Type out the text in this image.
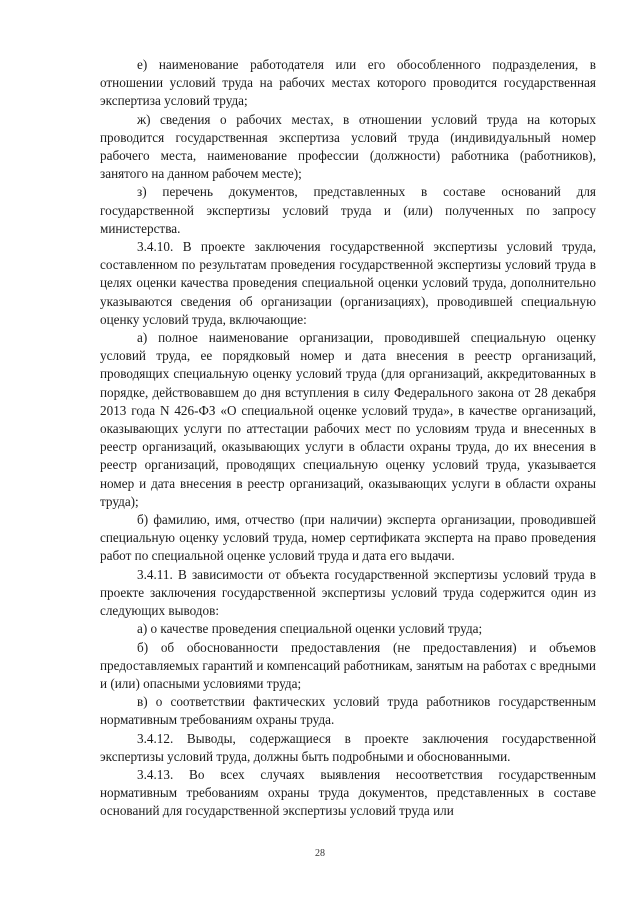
е) наименование работодателя или его обособленного подразделения, в отношении условий труда на рабочих местах которого проводится государственная экспертиза условий труда;

ж) сведения о рабочих местах, в отношении условий труда на которых проводится государственная экспертиза условий труда (индивидуальный номер рабочего места, наименование профессии (должности) работника (работников), занятого на данном рабочем месте);

з) перечень документов, представленных в составе оснований для государственной экспертизы условий труда и (или) полученных по запросу министерства.

3.4.10. В проекте заключения государственной экспертизы условий труда, составленном по результатам проведения государственной экспертизы условий труда в целях оценки качества проведения специальной оценки условий труда, дополнительно указываются сведения об организации (организациях), проводившей специальную оценку условий труда, включающие:

а) полное наименование организации, проводившей специальную оценку условий труда, ее порядковый номер и дата внесения в реестр организаций, проводящих специальную оценку условий труда (для организаций, аккредитованных в порядке, действовавшем до дня вступления в силу Федерального закона от 28 декабря 2013 года N 426-ФЗ «О специальной оценке условий труда», в качестве организаций, оказывающих услуги по аттестации рабочих мест по условиям труда и внесенных в реестр организаций, оказывающих услуги в области охраны труда, до их внесения в реестр организаций, проводящих специальную оценку условий труда, указывается номер и дата внесения в реестр организаций, оказывающих услуги в области охраны труда);

б) фамилию, имя, отчество (при наличии) эксперта организации, проводившей специальную оценку условий труда, номер сертификата эксперта на право проведения работ по специальной оценке условий труда и дата его выдачи.

3.4.11. В зависимости от объекта государственной экспертизы условий труда в проекте заключения государственной экспертизы условий труда содержится один из следующих выводов:

а) о качестве проведения специальной оценки условий труда;

б) об обоснованности предоставления (не предоставления) и объемов предоставляемых гарантий и компенсаций работникам, занятым на работах с вредными и (или) опасными условиями труда;

в) о соответствии фактических условий труда работников государственным нормативным требованиям охраны труда.

3.4.12. Выводы, содержащиеся в проекте заключения государственной экспертизы условий труда, должны быть подробными и обоснованными.

3.4.13. Во всех случаях выявления несоответствия государственным нормативным требованиям охраны труда документов, представленных в составе оснований для государственной экспертизы условий труда или

28
